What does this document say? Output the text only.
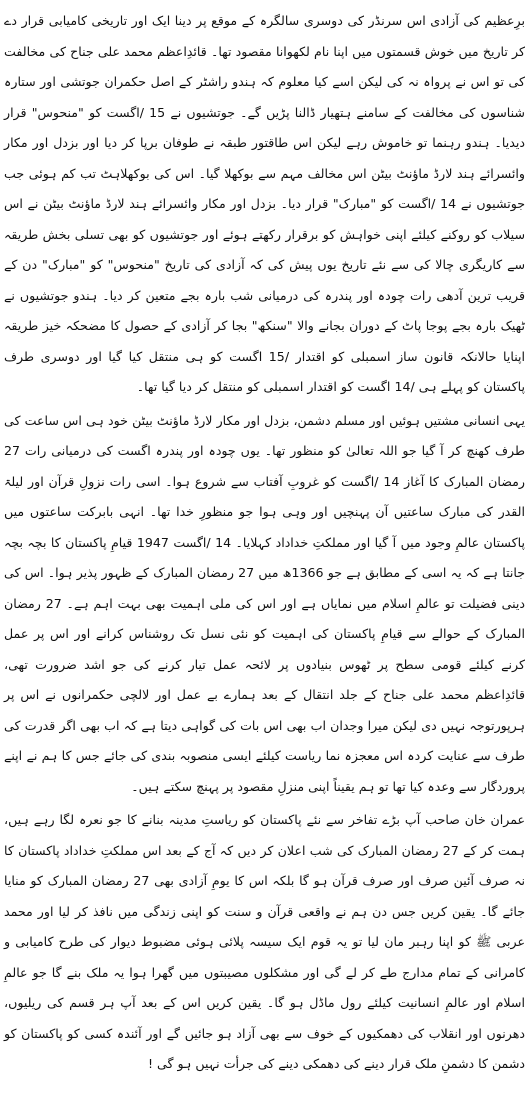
برِعظیم کی آزادی اس سرنڈر کی دوسری سالگرہ کے موقع پر دینا ایک اور تاریخی کامیابی قرار دے کر تاریخ میں خوش قسمتوں میں اپنا نام لکھوانا مقصود تھا۔ قائدِاعظم محمد علی جناح کی مخالفت کی تو اس نے پرواہ نہ کی لیکن اسے کیا معلوم کہ ہندو راشٹر کے اصل حکمران جوتشی اور ستارہ شناسوں کی مخالفت کے سامنے ہتھیار ڈالنا پڑیں گے۔ جوتشیوں نے 15 /اگست کو "منحوس" قرار دیدیا۔ ہندو رہنما تو خاموش رہے لیکن اس طاقتور طبقہ نے طوفان برپا کر دیا اور بزدل اور مکار وائسرائے ہند لارڈ ماؤنٹ بیٹن اس مخالف مہم سے بوکھلا گیا۔ اس کی بوکھلاہٹ تب کم ہوئی جب جوتشیوں نے 14 /اگست کو "مبارک" قرار دیا۔ بزدل اور مکار وائسرائے ہند لارڈ ماؤنٹ بیٹن نے اس سیلاب کو روکنے کیلئے اپنی خواہش کو برقرار رکھتے ہوئے اور جوتشیوں کو بھی تسلی بخش طریقہ سے کاریگری چالا کی سے نئے تاریخ یوں پیش کی کہ آزادی کی تاریخ "منحوس" کو "مبارک" دن کے قریب ترین آدھی رات چودہ اور پندرہ کی درمیانی شب بارہ بجے متعین کر دیا۔ ہندو جوتشیوں نے ٹھیک بارہ بجے پوجا پاٹ کے دوران بجانے والا "سنکھ" بجا کر آزادی کے حصول کا مضحکہ خیز طریقہ اپنایا حالانکہ قانون ساز اسمبلی کو اقتدار /15 اگست کو ہی منتقل کیا گیا اور دوسری طرف پاکستان کو پہلے ہی /14 اگست کو اقتدار اسمبلی کو منتقل کر دیا گیا تھا۔

یہی انسانی مشتیں ہوئیں اور مسلم دشمن، بزدل اور مکار لارڈ ماؤنٹ بیٹن خود ہی اس ساعت کی طرف کھنچ کر آ گیا جو اللہ تعالیٰ کو منظور تھا۔ یوں چودہ اور پندرہ اگست کی درمیانی رات 27 رمضان المبارک کا آغاز 14 /اگست کو غروبِ آفتاب سے شروع ہوا۔ اسی رات نزولِ قرآن اور لیلۃ القدر کی مبارک ساعتیں آن پہنچیں اور وہی ہوا جو منظورِ خدا تھا۔ انہی بابرکت ساعتوں میں پاکستان عالمِ وجود میں آ گیا اور مملکتِ خداداد کہلایا۔ 14 /اگست 1947 قیامِ پاکستان کا بچہ بچہ جانتا ہے کہ یہ اسی کے مطابق ہے جو 1366ھ میں 27 رمضان المبارک کے ظہور پذیر ہوا۔ اس کی دینی فضیلت تو عالمِ اسلام میں نمایاں ہے اور اس کی ملی اہمیت بھی بہت اہم ہے۔ 27 رمضان المبارک کے حوالے سے قیامِ پاکستان کی اہمیت کو نئی نسل تک روشناس کرانے اور اس پر عمل کرنے کیلئے قومی سطح پر ٹھوس بنیادوں پر لائحہ عمل تیار کرنے کی جو اشد ضرورت تھی، قائدِاعظم محمد علی جناح کے جلد انتقال کے بعد ہمارے بے عمل اور لالچی حکمرانوں نے اس پر ہرپورتوجہ نہیں دی لیکن میرا وجدان اب بھی اس بات کی گواہی دیتا ہے کہ اب بھی اگر قدرت کی طرف سے عنایت کردہ اس معجزہ نما ریاست کیلئے ایسی منصوبہ بندی کی جائے جس کا ہم نے اپنے پروردگار سے وعدہ کیا تھا تو ہم یقیناً اپنی منزلِ مقصود پر پہنچ سکتے ہیں۔

عمران خان صاحب آپ بڑے تفاخر سے نئے پاکستان کو ریاستِ مدینہ بنانے کا جو نعرہ لگا رہے ہیں، ہمت کر کے 27 رمضان المبارک کی شب اعلان کر دیں کہ آج کے بعد اس مملکتِ خداداد پاکستان کا نہ صرف آئین صرف اور صرف قرآن ہو گا بلکہ اس کا یومِ آزادی بھی 27 رمضان المبارک کو منایا جائے گا۔ یقین کریں جس دن ہم نے واقعی قرآن و سنت کو اپنی زندگی میں نافذ کر لیا اور محمد عربی ﷺ کو اپنا رہبر مان لیا تو یہ قوم ایک سیسہ پلائی ہوئی مضبوط دیوار کی طرح کامیابی و کامرانی کے تمام مدارج طے کر لے گی اور مشکلوں مصیبتوں میں گھرا ہوا یہ ملک بنے گا جو عالمِ اسلام اور عالمِ انسانیت کیلئے رول ماڈل ہو گا۔ یقین کریں اس کے بعد آپ ہر قسم کی ریلیوں، دھرنوں اور انقلاب کی دھمکیوں کے خوف سے بھی آزاد ہو جائیں گے اور آئندہ کسی کو پاکستان کو دشمن کا دشمنِ ملک قرار دینے کی دھمکی دینے کی جرأت نہیں ہو گی !
